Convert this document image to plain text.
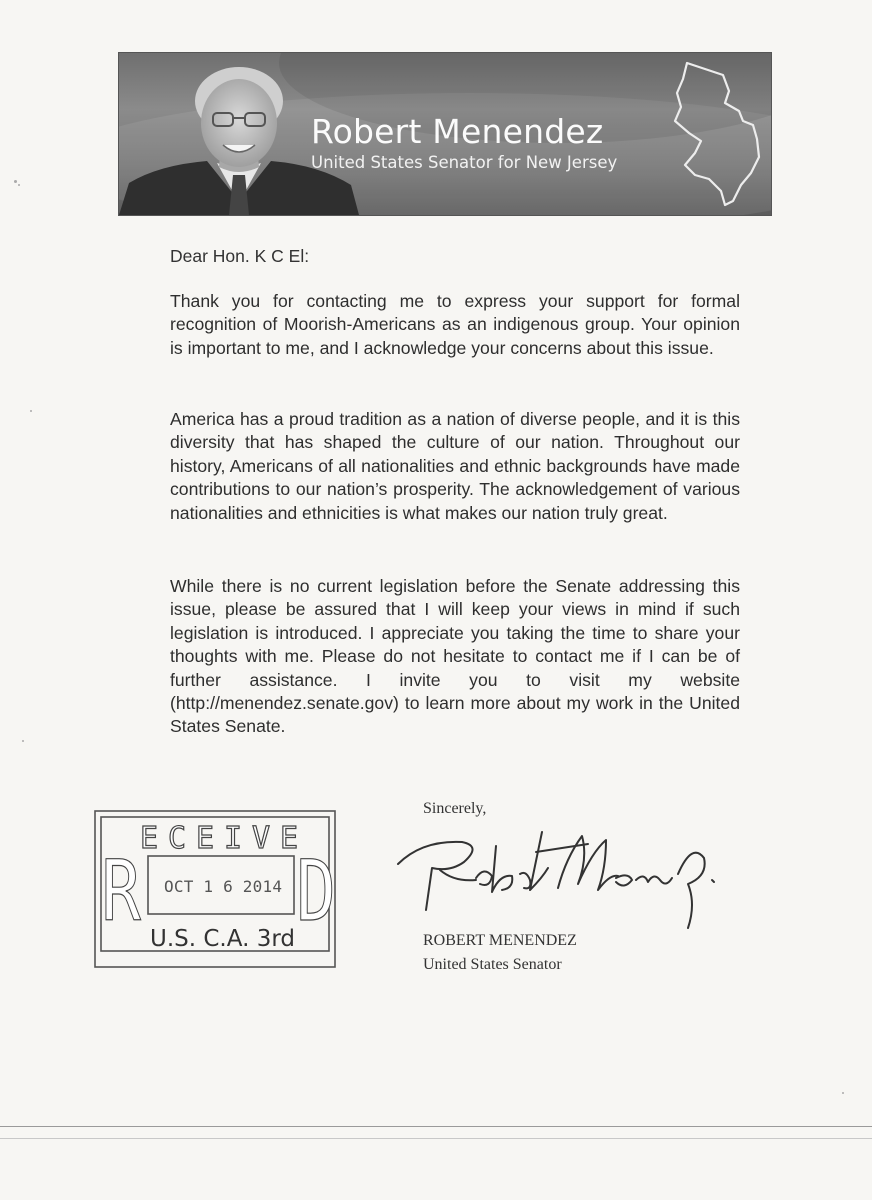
Robert Menendez
United States Senator for New Jersey
Dear Hon. K C El:

Thank you for contacting me to express your support for formal recognition of Moorish-Americans as an indigenous group. Your opinion is important to me, and I acknowledge your concerns about this issue.

America has a proud tradition as a nation of diverse people, and it is this diversity that has shaped the culture of our nation. Throughout our history, Americans of all nationalities and ethnic backgrounds have made contributions to our nation’s prosperity. The acknowledgement of various nationalities and ethnicities is what makes our nation truly great.

While there is no current legislation before the Senate addressing this issue, please be assured that I will keep your views in mind if such legislation is introduced. I appreciate you taking the time to share your thoughts with me. Please do not hesitate to contact me if I can be of further assistance. I invite you to visit my website (http://menendez.senate.gov) to learn more about my work in the United States Senate.

R
E C E I V E
D
OCT 1 6 2014
U.S. C.A. 3rd
Sincerely,
ROBERT MENENDEZ
United States Senator
